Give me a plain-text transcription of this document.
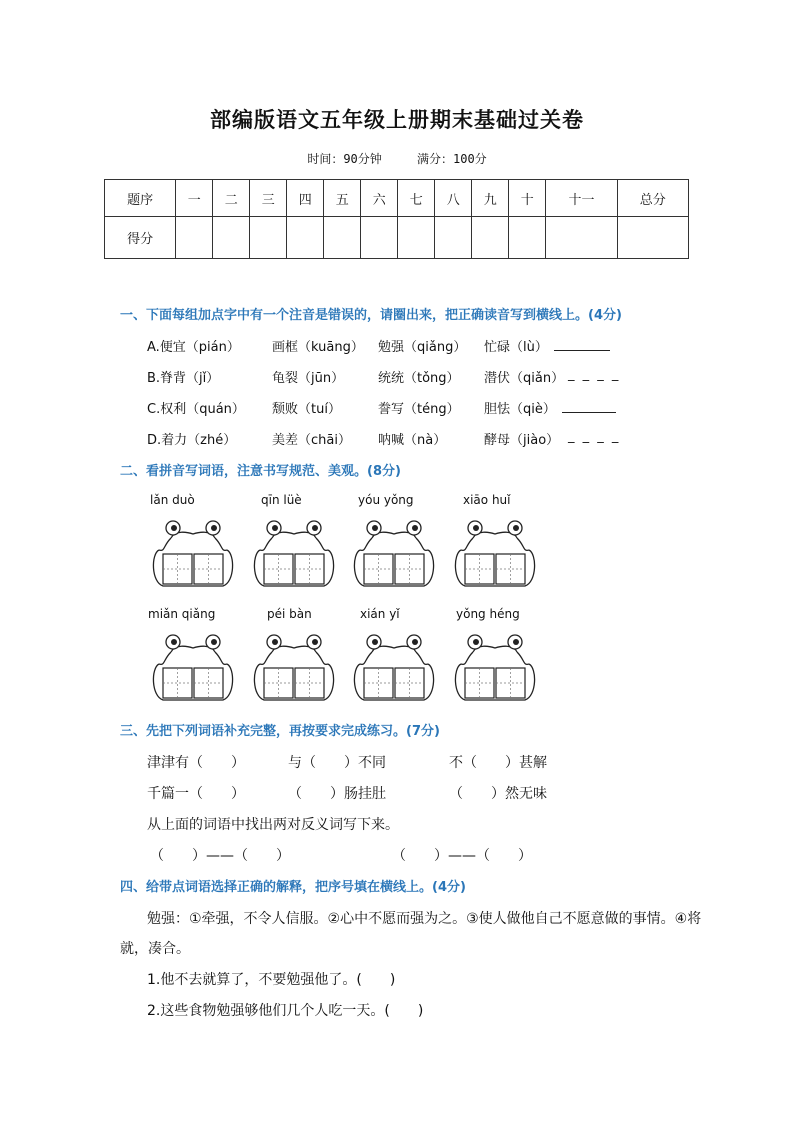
部编版语文五年级上册期末基础过关卷
时间：90分钟	满分：100分
题序	一	二	三	四	五	六	七	八	九	十	十一	总分
得分												
一、下面每组加点字中有一个注音是错误的，请圈出来，把正确读音写到横线上。(4分)
A.便宜（pián） 画框（kuāng） 勉强（qiǎng） 忙碌（lù）
B.脊背（jǐ）	龟裂（jūn）	统统（tǒng） 潜伏（qiǎn） _ _ _ _
C.权利（quán） 颓败（tuí）	誊写（téng） 胆怯（qiè）
D.着力（zhé）	美差（chāi） 呐喊（nà）	酵母（jiào） _ _ _ _
二、看拼音写词语，注意书写规范、美观。(8分)
lǎn duò	qīn lüè	yóu yǒng	xiāo huǐ
miǎn qiǎng	péi bàn	xián yǐ	yǒng héng
三、先把下列词语补充完整，再按要求完成练习。(7分)
津津有（　　）	与（　　）不同	不（　　）甚解
千篇一（　　）	（　　）肠挂肚	（　　）然无味
从上面的词语中找出两对反义词写下来。
（　　）——（　　）	（　　）——（　　）
四、给带点词语选择正确的解释，把序号填在横线上。(4分)
勉强：①牵强，不令人信服。②心中不愿而强为之。③使人做他自己不愿意做的事情。④将
就，凑合。
1.他不去就算了，不要勉强他了。(　　)
2.这些食物勉强够他们几个人吃一天。(　　)
